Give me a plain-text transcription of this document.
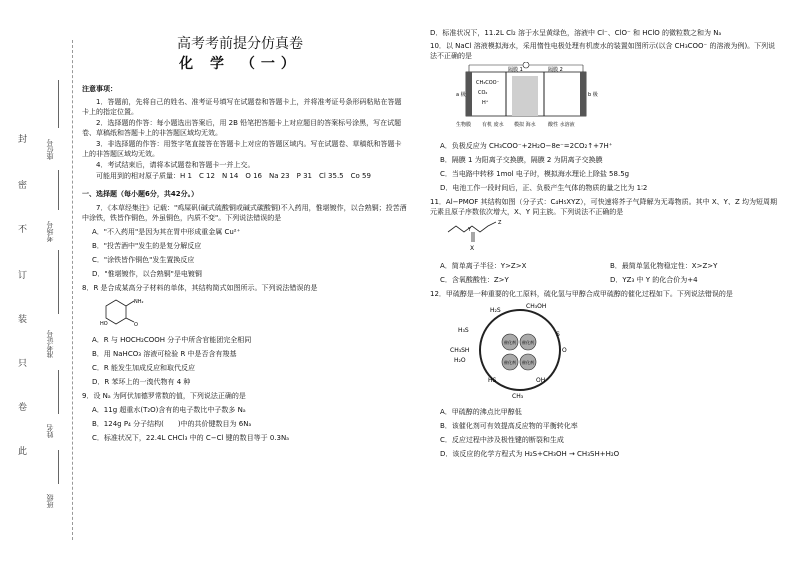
封
密
不
订
装
只
卷
此
座位号
考场号
准考证号
姓名
班级
高考考前提分仿真卷
化 学 （一）
注意事项：
1．答题前，先将自己的姓名、准考证号填写在试题卷和答题卡上，并将准考证号条形码粘贴在答题卡上的指定位置。
2．选择题的作答：每小题选出答案后，用 2B 铅笔把答题卡上对应题目的答案标号涂黑，写在试题卷、草稿纸和答题卡上的非答题区域均无效。
3．非选择题的作答：用签字笔直接答在答题卡上对应的答题区域内。写在试题卷、草稿纸和答题卡上的非答题区域均无效。
4．考试结束后，请将本试题卷和答题卡一并上交。
可能用到的相对原子质量：H 1　C 12　N 14　O 16　Na 23　P 31　Cl 35.5　Co 59
一、选择题（每小题6分，共42分。）
7．《本草经集注》记载："鸡屎矾(碱式硫酸铜或碱式碳酸铜)不入药用，惟堪镀作，以合熟铜；投苦酒中涂铁，铁皆作铜色，外虽铜色，内质不变"。下列说法错误的是
A．"不入药用"是因为其在胃中形成重金属 Cu²⁺
B．"投苦酒中"发生的是复分解反应
C．"涂铁皆作铜色"发生置换反应
D．"惟堪镀作，以合熟铜"是电镀铜
8．R 是合成某高分子材料的单体，其结构简式如图所示。下列说法错误的是
NH₂
HO	O
A．R 与 HOCH₂COOH 分子中所含官能团完全相同
B．用 NaHCO₃ 溶液可检验 R 中是否含有羧基
C．R 能发生加成反应和取代反应
D．R 苯环上的一溴代物有 4 种
9．设 Nₐ 为阿伏加德罗常数的值，下列说法正确的是
A．11g 超重水(T₂O)含有的电子数比中子数多 Nₐ
B．124g P₄ 分子结构(　　)中的共价键数目为 6Nₐ
C．标准状况下，22.4L CHCl₃ 中的 C−Cl 键的数目等于 0.3Nₐ
D．标准状况下，11.2L Cl₂ 溶于水呈黄绿色，溶液中 Cl⁻、ClO⁻ 和 HClO 的微粒数之和为 Nₐ
10．以 NaCl 溶液模拟海水，采用惰性电极处理有机废水的装置如图所示(以含 CH₃COO⁻ 的溶液为例)。下列说法不正确的是
隔膜 1	隔膜 2
a 极	b 极
CH₃COO⁻
CO₂
H⁺
生物膜 有机 废水 模拟 海水 酸性 水溶液
A．负极反应为 CH₃COO⁻+2H₂O−8e⁻=2CO₂↑+7H⁺
B．隔膜 1 为阳离子交换膜，隔膜 2 为阴离子交换膜
C．当电路中转移 1mol 电子时，模拟海水理论上除盐 58.5g
D．电池工作一段时间后，正、负极产生气体的物质的量之比为 1∶2
11．Al−PMOF 其结构如图（分子式：C₄H₅XYZ），可快速将芥子气降解为无毒物质。其中 X、Y、Z 均为短周期元素且原子序数依次增大，X、Y 同主族。下列说法不正确的是
Y
X
Z
A．简单离子半径：Y>Z>X	B．最简单氢化物稳定性：X>Z>Y
C．含氧酸酸性：Z>Y	D．YZ₃ 中 Y 的化合价为+4
12．甲硫醇是一种重要的化工原料，硫化氢与甲醇合成甲硫醇的催化过程如下。下列说法错误的是
催化剂 催化剂
催化剂 催化剂
H₃S
CH₃SH
H₂O
CH₃OH
H₂S
HS	OH
CH₃
O
S
A．甲硫醇的沸点比甲醇低
B．该催化剂可有效提高反应物的平衡转化率
C．反应过程中涉及极性键的断裂和生成
D．该反应的化学方程式为 H₂S+CH₃OH → CH₃SH+H₂O
